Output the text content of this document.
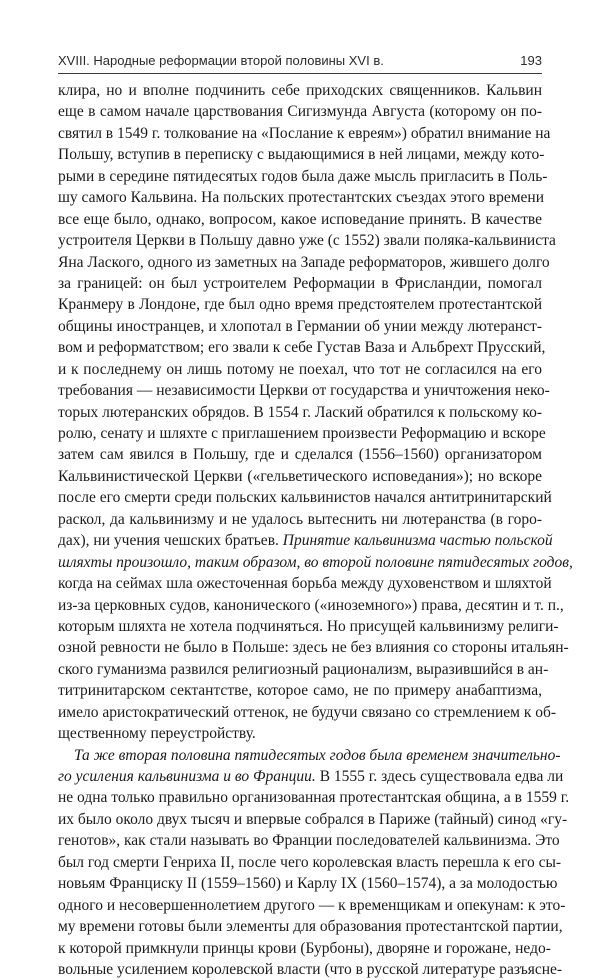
XVIII. Народные реформации второй половины XVI в.	193
клира, но и вполне подчинить себе приходских священников. Кальвин
еще в самом начале царствования Сигизмунда Августа (которому он по-
святил в 1549 г. толкование на «Послание к евреям») обратил внимание на
Польшу, вступив в переписку с выдающимися в ней лицами, между кото-
рыми в середине пятидесятых годов была даже мысль пригласить в Поль-
шу самого Кальвина. На польских протестантских съездах этого времени
все еще было, однако, вопросом, какое исповедание принять. В качестве
устроителя Церкви в Польшу давно уже (с 1552) звали поляка-кальвиниста
Яна Лаского, одного из заметных на Западе реформаторов, жившего долго
за границей: он был устроителем Реформации в Фрисландии, помогал
Кранмеру в Лондоне, где был одно время предстоятелем протестантской
общины иностранцев, и хлопотал в Германии об унии между лютеранст-
вом и реформатством; его звали к себе Густав Ваза и Альбрехт Прусский,
и к последнему он лишь потому не поехал, что тот не согласился на его
требования — независимости Церкви от государства и уничтожения неко-
торых лютеранских обрядов. В 1554 г. Лаский обратился к польскому ко-
ролю, сенату и шляхте с приглашением произвести Реформацию и вскоре
затем сам явился в Польшу, где и сделался (1556–1560) организатором
Кальвинистической Церкви («гельветического исповедания»); но вскоре
после его смерти среди польских кальвинистов начался антитринитарский
раскол, да кальвинизму и не удалось вытеснить ни лютеранства (в горо-
дах), ни учения чешских братьев. Принятие кальвинизма частью польской
шляхты произошло, таким образом, во второй половине пятидесятых годов,
когда на сеймах шла ожесточенная борьба между духовенством и шляхтой
из-за церковных судов, канонического («иноземного») права, десятин и т. п.,
которым шляхта не хотела подчиняться. Но присущей кальвинизму религи-
озной ревности не было в Польше: здесь не без влияния со стороны итальян-
ского гуманизма развился религиозный рационализм, выразившийся в ан-
титринитарском сектантстве, которое само, не по примеру анабаптизма,
имело аристократический оттенок, не будучи связано со стремлением к об-
щественному переустройству.
Та же вторая половина пятидесятых годов была временем значительно-
го усиления кальвинизма и во Франции. В 1555 г. здесь существовала едва ли
не одна только правильно организованная протестантская община, а в 1559 г.
их было около двух тысяч и впервые собрался в Париже (тайный) синод «гу-
генотов», как стали называть во Франции последователей кальвинизма. Это
был год смерти Генриха II, после чего королевская власть перешла к его сы-
новьям Франциску II (1559–1560) и Карлу IX (1560–1574), а за молодостью
одного и несовершеннолетием другого — к временщикам и опекунам: к это-
му времени готовы были элементы для образования протестантской партии,
к которой примкнули принцы крови (Бурбоны), дворяне и горожане, недо-
вольные усилением королевской власти (что в русской литературе разъясне-
